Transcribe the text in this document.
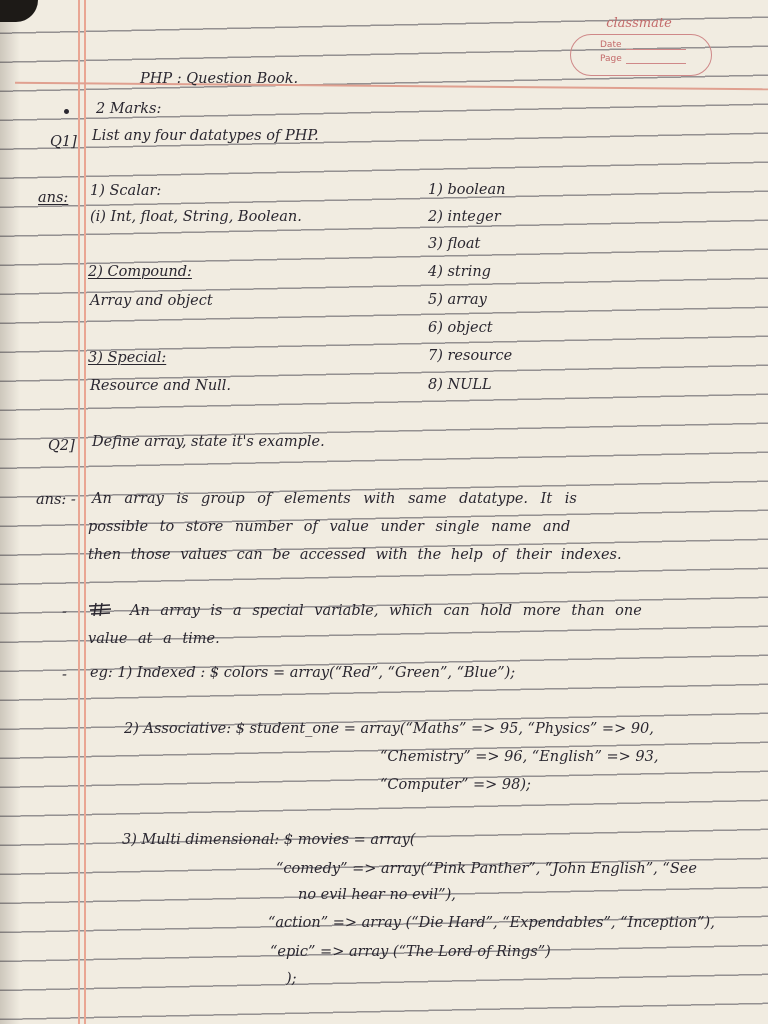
classmate
Date
Page
PHP : Question Book.
2 Marks:
Q1] List any four datatypes of PHP.
ans: 1) Scalar:
(i) Int, float, String, Boolean.
2) Compound:
Array and object
3) Special:
Resource and Null.
1) boolean
2) integer
3) float
4) string
5) array
6) object
7) resource
8) NULL
Q2] Define array, state it's example.
ans: - An array is group of elements with same datatype. It is
possible to store number of value under single name and
then those values can be accessed with the help of their indexes.
-	An array is a special variable, which can hold more than one
value at a time.
- eg: 1) Indexed : $ colors = array(“Red”, “Green”, “Blue”);
2) Associative: $ student_one = array(“Maths” => 95, “Physics” => 90,
“Chemistry” => 96, “English” => 93,
“Computer” => 98);
3) Multi dimensional: $ movies = array(
“comedy” => array(“Pink Panther”, “John English”, “See
no evil hear no evil”),
“action” => array (“Die Hard”, “Expendables”, “Inception”),
“epic” => array (“The Lord of Rings”)
);
